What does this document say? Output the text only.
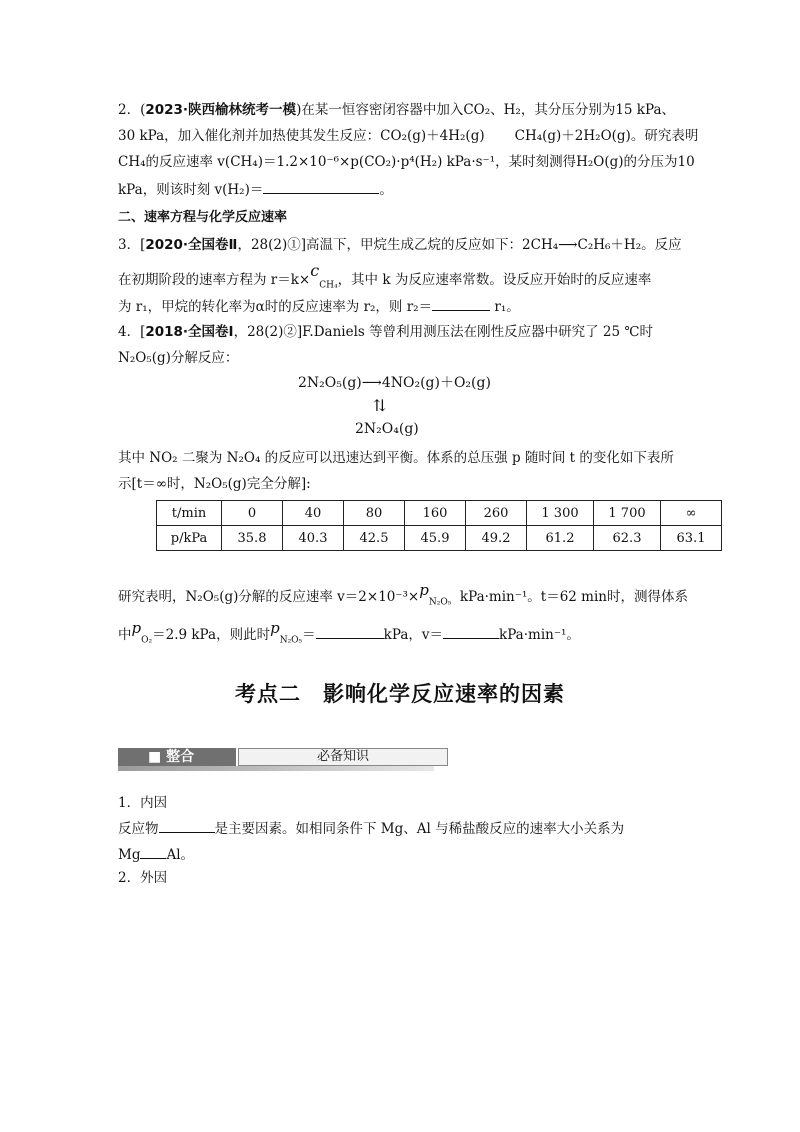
2．(2023·陕西榆林统考一模)在某一恒容密闭容器中加入CO₂、H₂，其分压分别为15 kPa、
30 kPa，加入催化剂并加热使其发生反应：CO₂(g)＋4H₂(g) CH₄(g)＋2H₂O(g)。研究表明
CH₄的反应速率 v(CH₄)＝1.2×10⁻⁶×p(CO₂)·p⁴(H₂) kPa·s⁻¹，某时刻测得H₂O(g)的分压为10
kPa，则该时刻 v(H₂)＝	。
二、速率方程与化学反应速率
3．[2020·全国卷Ⅱ，28(2)①]高温下，甲烷生成乙烷的反应如下：2CH₄⟶C₂H₆＋H₂。反应
在初期阶段的速率方程为 $r=k\times c_{CH_4}$，其中 k 为反应速率常数。设反应开始时的反应速率
为 r₁，甲烷的转化率为α时的反应速率为 r₂，则 r₂＝	r₁。
4．[2018·全国卷Ⅰ，28(2)②]F.Daniels 等曾利用测压法在刚性反应器中研究了 25 ℃时
N₂O₅(g)分解反应：
2N₂O₅(g)⟶4NO₂(g)＋O₂(g)
⇅
2N₂O₄(g)
其中 NO₂ 二聚为 N₂O₄ 的反应可以迅速达到平衡。体系的总压强 p 随时间 t 的变化如下表所
示[t＝∞时，N₂O₅(g)完全分解]:
t/min	0	40	80	160	260	1 300	1 700	∞
p/kPa	35.8	40.3	42.5	45.9	49.2	61.2	62.3	63.1
研究表明，N₂O₅(g)分解的反应速率 $v=2\times 10^{-3}\times p_{N_2O_5}$ kPa·min⁻¹。t＝62 min时，测得体系
中$p_{O_2}=2.9$ kPa，则此时$p_{N_2O_5}=$	kPa，v＝	kPa·min⁻¹。
考点二　影响化学反应速率的因素
■ 整合	必备知识
1．内因
反应物	是主要因素。如相同条件下 Mg、Al 与稀盐酸反应的速率大小关系为
Mg Al。
2．外因
